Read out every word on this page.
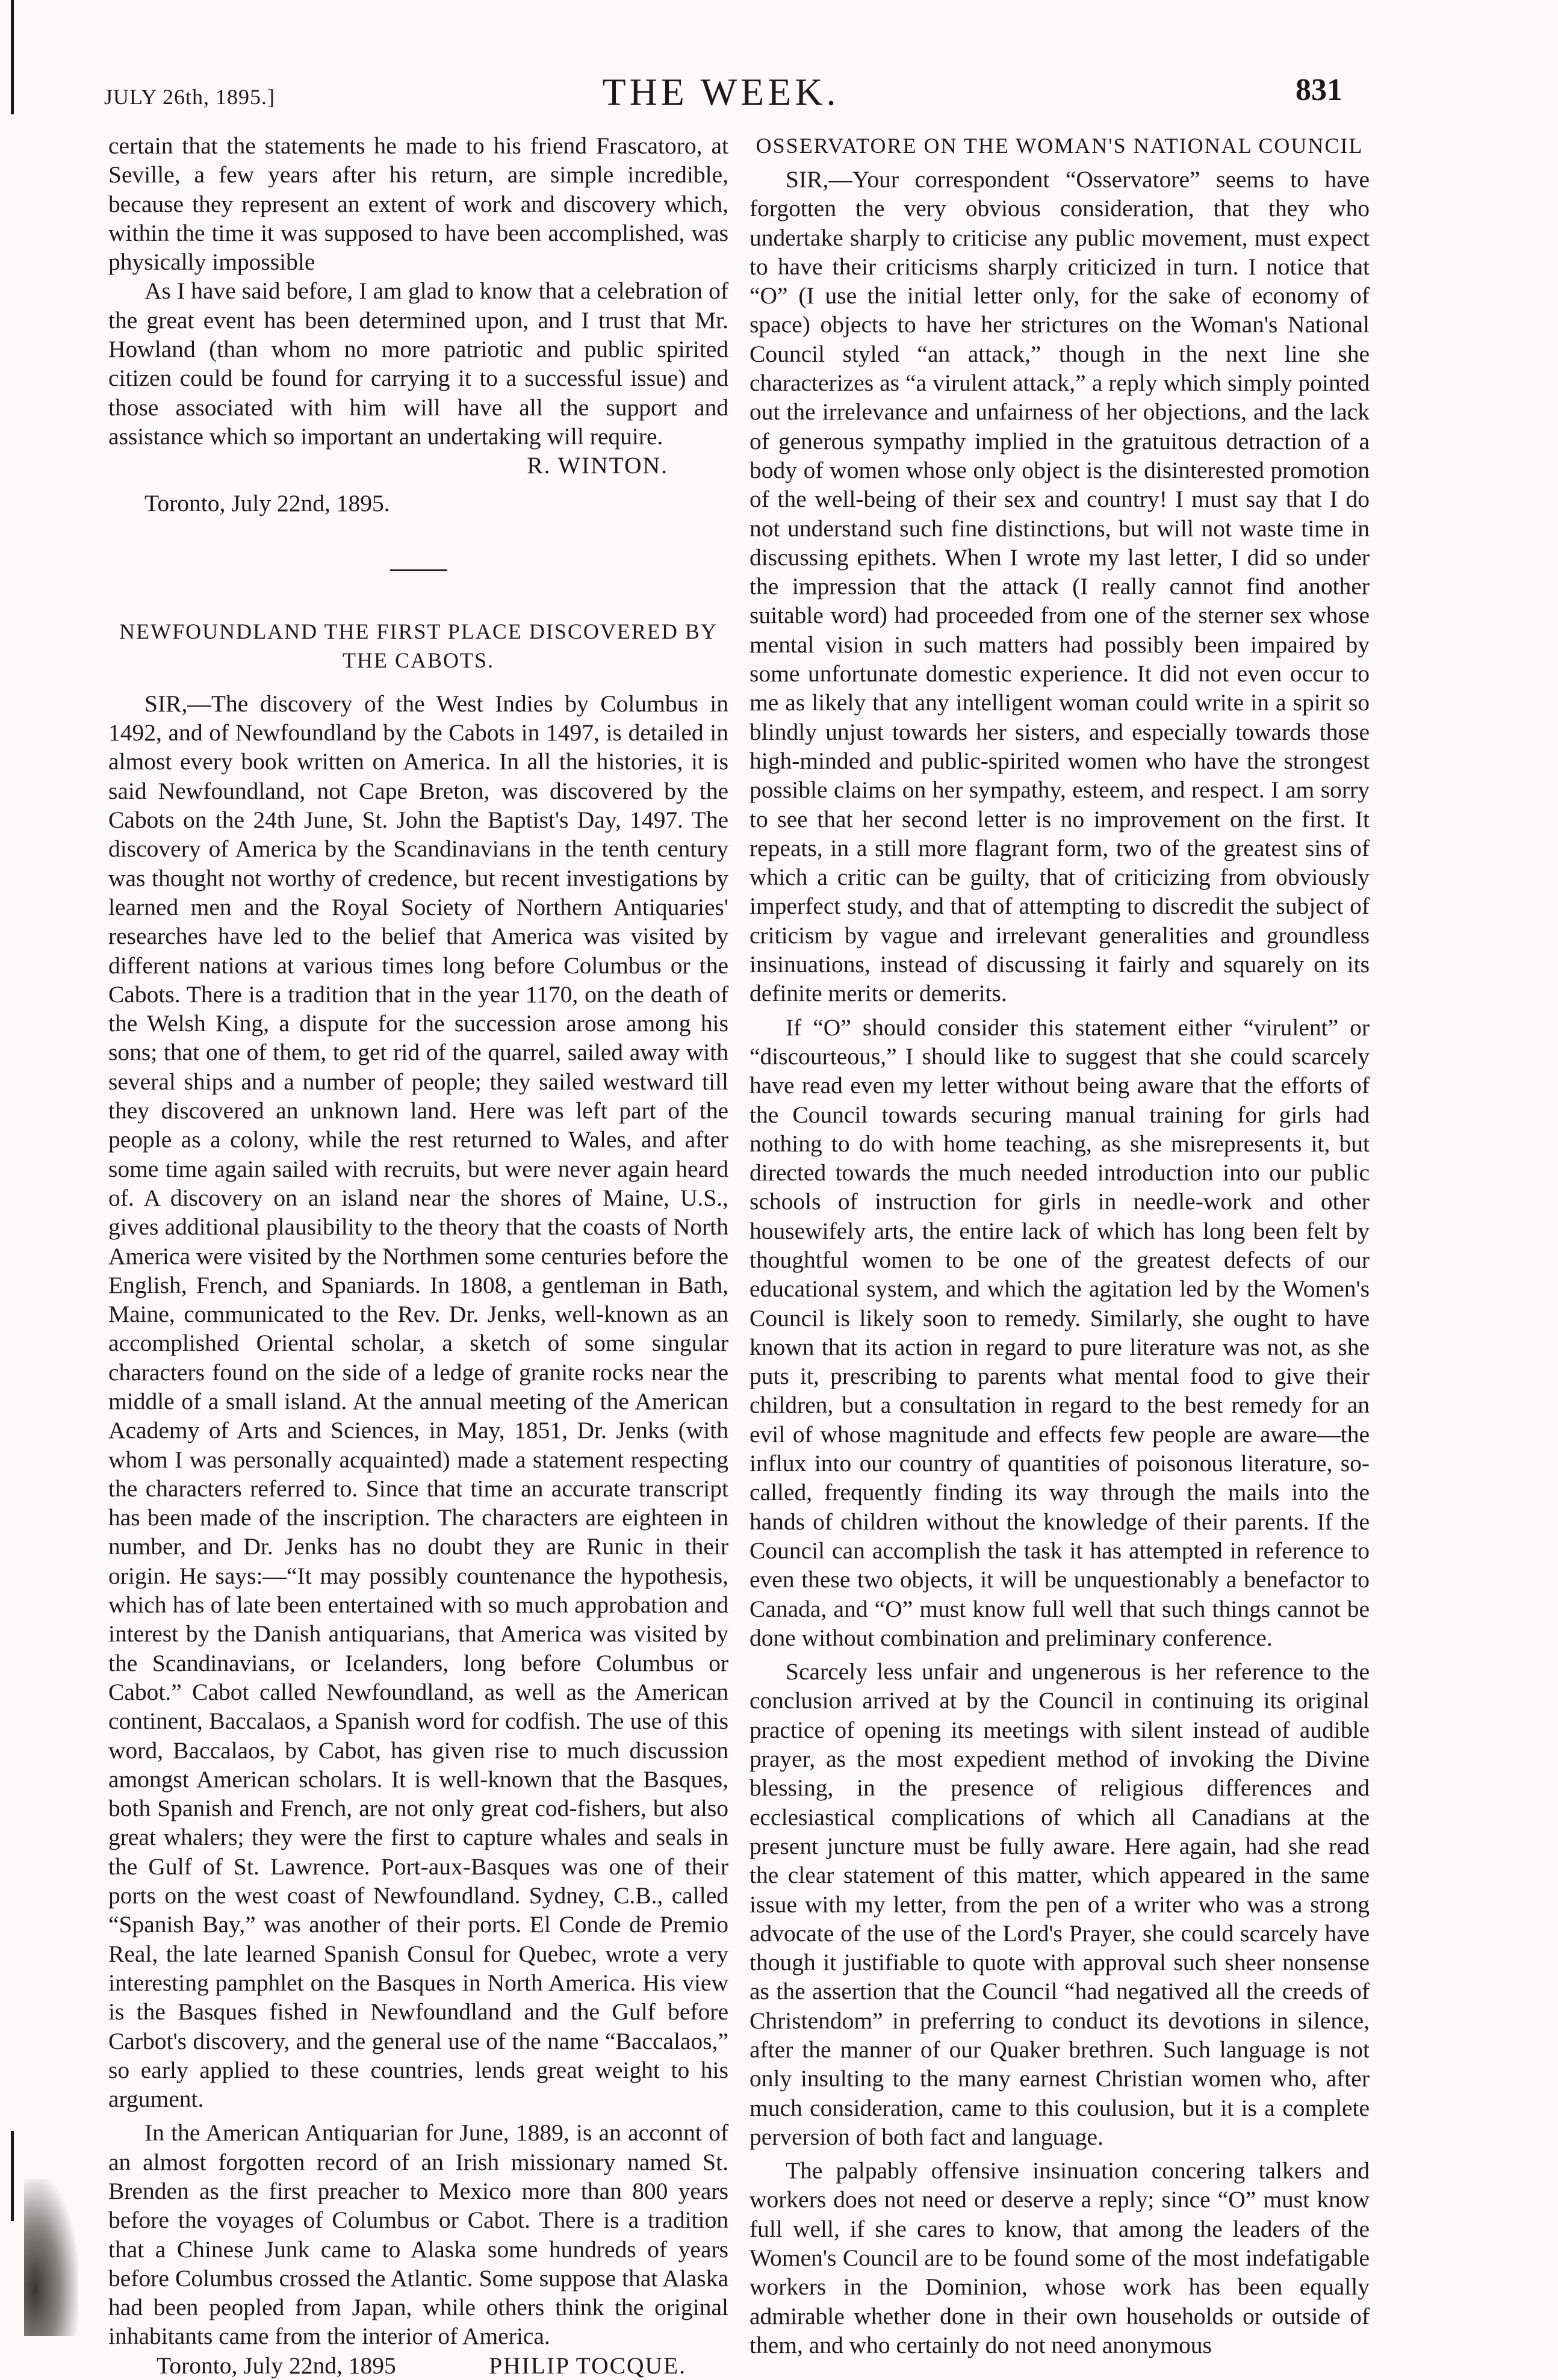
JULY 26th, 1895.]	THE WEEK.	831

certain that the statements he made to his friend Frascatoro, at Seville, a few years after his return, are simple incredible, because they represent an extent of work and discovery which, within the time it was supposed to have been accomplished, was physically impossible

As I have said before, I am glad to know that a celebration of the great event has been determined upon, and I trust that Mr. Howland (than whom no more patriotic and public spirited citizen could be found for carrying it to a successful issue) and those associated with him will have all the support and assistance which so important an undertaking will require.

R. WINTON.

Toronto, July 22nd, 1895.

NEWFOUNDLAND THE FIRST PLACE DISCOVERED BY THE CABOTS.

SIR,—The discovery of the West Indies by Columbus in 1492, and of Newfoundland by the Cabots in 1497, is detailed in almost every book written on America. In all the histories, it is said Newfoundland, not Cape Breton, was discovered by the Cabots on the 24th June, St. John the Baptist's Day, 1497. The discovery of America by the Scandinavians in the tenth century was thought not worthy of credence, but recent investigations by learned men and the Royal Society of Northern Antiquaries' researches have led to the belief that America was visited by different nations at various times long before Columbus or the Cabots. There is a tradition that in the year 1170, on the death of the Welsh King, a dispute for the succession arose among his sons; that one of them, to get rid of the quarrel, sailed away with several ships and a number of people; they sailed westward till they discovered an unknown land. Here was left part of the people as a colony, while the rest returned to Wales, and after some time again sailed with recruits, but were never again heard of. A discovery on an island near the shores of Maine, U.S., gives additional plausibility to the theory that the coasts of North America were visited by the Northmen some centuries before the English, French, and Spaniards. In 1808, a gentleman in Bath, Maine, communicated to the Rev. Dr. Jenks, well-known as an accomplished Oriental scholar, a sketch of some singular characters found on the side of a ledge of granite rocks near the middle of a small island. At the annual meeting of the American Academy of Arts and Sciences, in May, 1851, Dr. Jenks (with whom I was personally acquainted) made a statement respecting the characters referred to. Since that time an accurate transcript has been made of the inscription. The characters are eighteen in number, and Dr. Jenks has no doubt they are Runic in their origin. He says:—“It may possibly countenance the hypothesis, which has of late been entertained with so much approbation and interest by the Danish antiquarians, that America was visited by the Scandinavians, or Icelanders, long before Columbus or Cabot.” Cabot called Newfoundland, as well as the American continent, Baccalaos, a Spanish word for codfish. The use of this word, Baccalaos, by Cabot, has given rise to much discussion amongst American scholars. It is well-known that the Basques, both Spanish and French, are not only great cod-fishers, but also great whalers; they were the first to capture whales and seals in the Gulf of St. Lawrence. Port-aux-Basques was one of their ports on the west coast of Newfoundland. Sydney, C.B., called “Spanish Bay,” was another of their ports. El Conde de Premio Real, the late learned Spanish Consul for Quebec, wrote a very interesting pamphlet on the Basques in North America. His view is the Basques fished in Newfoundland and the Gulf before Carbot's discovery, and the general use of the name “Baccalaos,” so early applied to these countries, lends great weight to his argument.

In the American Antiquarian for June, 1889, is an acconnt of an almost forgotten record of an Irish missionary named St. Brenden as the first preacher to Mexico more than 800 years before the voyages of Columbus or Cabot. There is a tradition that a Chinese Junk came to Alaska some hundreds of years before Columbus crossed the Atlantic. Some suppose that Alaska had been peopled from Japan, while others think the original inhabitants came from the interior of America.

Toronto, July 22nd, 1895	PHILIP TOCQUE.

OSSERVATORE ON THE WOMAN'S NATIONAL COUNCIL

SIR,—Your correspondent “Osservatore” seems to have forgotten the very obvious consideration, that they who undertake sharply to criticise any public movement, must expect to have their criticisms sharply criticized in turn. I notice that “O” (I use the initial letter only, for the sake of economy of space) objects to have her strictures on the Woman's National Council styled “an attack,” though in the next line she characterizes as “a virulent attack,” a reply which simply pointed out the irrelevance and unfairness of her objections, and the lack of generous sympathy implied in the gratuitous detraction of a body of women whose only object is the disinterested promotion of the well-being of their sex and country! I must say that I do not understand such fine distinctions, but will not waste time in discussing epithets. When I wrote my last letter, I did so under the impression that the attack (I really cannot find another suitable word) had proceeded from one of the sterner sex whose mental vision in such matters had possibly been impaired by some unfortunate domestic experience. It did not even occur to me as likely that any intelligent woman could write in a spirit so blindly unjust towards her sisters, and especially towards those high-minded and public-spirited women who have the strongest possible claims on her sympathy, esteem, and respect. I am sorry to see that her second letter is no improvement on the first. It repeats, in a still more flagrant form, two of the greatest sins of which a critic can be guilty, that of criticizing from obviously imperfect study, and that of attempting to discredit the subject of criticism by vague and irrelevant generalities and groundless insinuations, instead of discussing it fairly and squarely on its definite merits or demerits.

If “O” should consider this statement either “virulent” or “discourteous,” I should like to suggest that she could scarcely have read even my letter without being aware that the efforts of the Council towards securing manual training for girls had nothing to do with home teaching, as she misrepresents it, but directed towards the much needed introduction into our public schools of instruction for girls in needle-work and other housewifely arts, the entire lack of which has long been felt by thoughtful women to be one of the greatest defects of our educational system, and which the agitation led by the Women's Council is likely soon to remedy. Similarly, she ought to have known that its action in regard to pure literature was not, as she puts it, prescribing to parents what mental food to give their children, but a consultation in regard to the best remedy for an evil of whose magnitude and effects few people are aware—the influx into our country of quantities of poisonous literature, so-called, frequently finding its way through the mails into the hands of children without the knowledge of their parents. If the Council can accomplish the task it has attempted in reference to even these two objects, it will be unquestionably a benefactor to Canada, and “O” must know full well that such things cannot be done without combination and preliminary conference.

Scarcely less unfair and ungenerous is her reference to the conclusion arrived at by the Council in continuing its original practice of opening its meetings with silent instead of audible prayer, as the most expedient method of invoking the Divine blessing, in the presence of religious differences and ecclesiastical complications of which all Canadians at the present juncture must be fully aware. Here again, had she read the clear statement of this matter, which appeared in the same issue with my letter, from the pen of a writer who was a strong advocate of the use of the Lord's Prayer, she could scarcely have though it justifiable to quote with approval such sheer nonsense as the assertion that the Council “had negatived all the creeds of Christendom” in preferring to conduct its devotions in silence, after the manner of our Quaker brethren. Such language is not only insulting to the many earnest Christian women who, after much consideration, came to this coulusion, but it is a complete perversion of both fact and language.

The palpably offensive insinuation concering talkers and workers does not need or deserve a reply; since “O” must know full well, if she cares to know, that among the leaders of the Women's Council are to be found some of the most indefatigable workers in the Dominion, whose work has been equally admirable whether done in their own households or outside of them, and who certainly do not need anonymous
